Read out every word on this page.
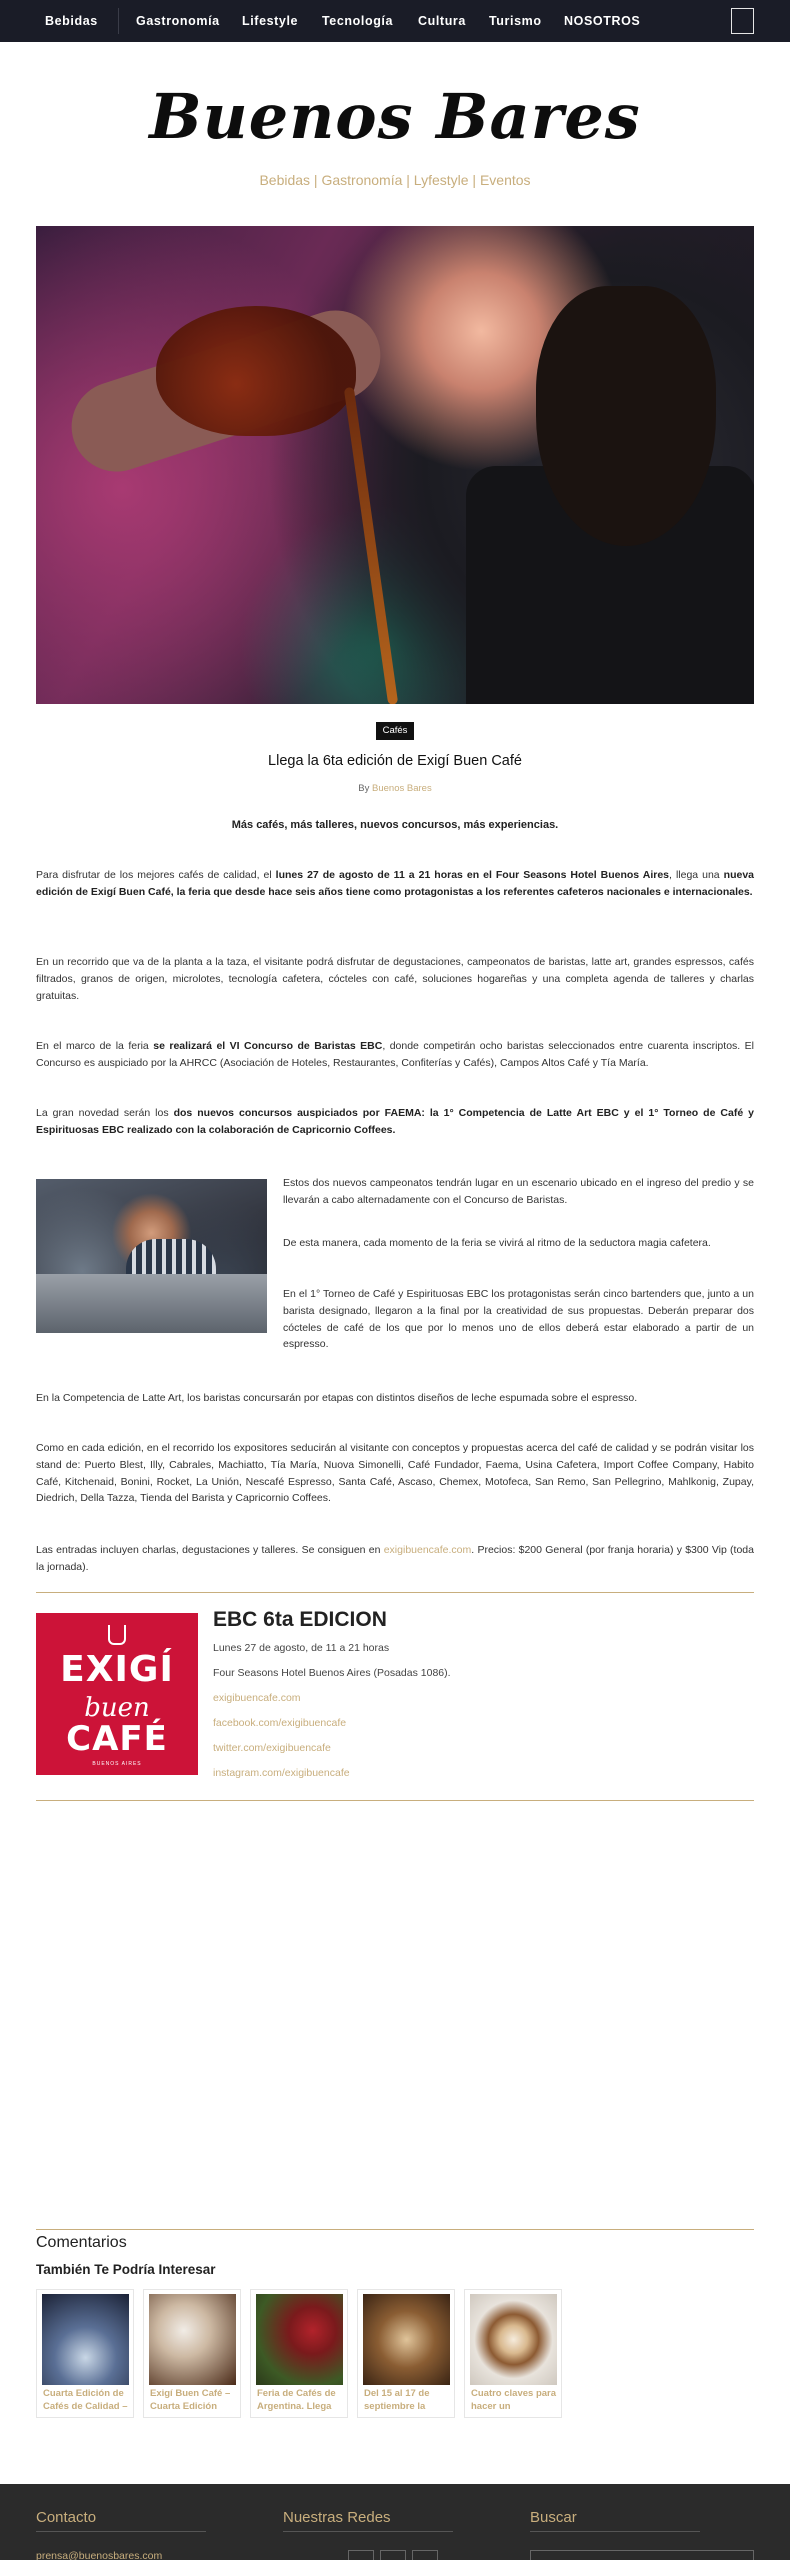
Bebidas	Gastronomía Lifestyle Tecnología Cultura Turismo NOSOTROS
Buenos Bares
Bebidas | Gastronomía | Lyfestyle | Eventos
Cafés
Llega la 6ta edición de Exigí Buen Café
By Buenos Bares
Más cafés, más talleres, nuevos concursos, más experiencias.

Para disfrutar de los mejores cafés de calidad, el lunes 27 de agosto de 11 a 21 horas en el Four Seasons Hotel Buenos Aires, llega una nueva edición de Exigí Buen Café, la feria que desde hace seis años tiene como protagonistas a los referentes cafeteros nacionales e internacionales.

En un recorrido que va de la planta a la taza, el visitante podrá disfrutar de degustaciones, campeonatos de baristas, latte art, grandes espressos, cafés filtrados, granos de origen, microlotes, tecnología cafetera, cócteles con café, soluciones hogareñas y una completa agenda de talleres y charlas gratuitas.

En el marco de la feria se realizará el VI Concurso de Baristas EBC, donde competirán ocho baristas seleccionados entre cuarenta inscriptos. El Concurso es auspiciado por la AHRCC (Asociación de Hoteles, Restaurantes, Confiterías y Cafés), Campos Altos Café y Tía María.

La gran novedad serán los dos nuevos concursos auspiciados por FAEMA: la 1° Competencia de Latte Art EBC y el 1° Torneo de Café y Espirituosas EBC realizado con la colaboración de Capricornio Coffees.

Estos dos nuevos campeonatos tendrán lugar en un escenario ubicado en el ingreso del predio y se llevarán a cabo alternadamente con el Concurso de Baristas.

De esta manera, cada momento de la feria se vivirá al ritmo de la seductora magia cafetera.

En el 1° Torneo de Café y Espirituosas EBC los protagonistas serán cinco bartenders que, junto a un barista designado, llegaron a la final por la creatividad de sus propuestas. Deberán preparar dos cócteles de café de los que por lo menos uno de ellos deberá estar elaborado a partir de un espresso.

En la Competencia de Latte Art, los baristas concursarán por etapas con distintos diseños de leche espumada sobre el espresso.

Como en cada edición, en el recorrido los expositores seducirán al visitante con conceptos y propuestas acerca del café de calidad y se podrán visitar los stand de: Puerto Blest, Illy, Cabrales, Machiatto, Tía María, Nuova Simonelli, Café Fundador, Faema, Usina Cafetera, Import Coffee Company, Habito Café, Kitchenaid, Bonini, Rocket, La Unión, Nescafé Espresso, Santa Café, Ascaso, Chemex, Motofeca, San Remo, San Pellegrino, Mahlkonig, Zupay, Diedrich, Della Tazza, Tienda del Barista y Capricornio Coffees.

Las entradas incluyen charlas, degustaciones y talleres. Se consiguen en exigibuencafe.com. Precios: $200 General (por franja horaria) y $300 Vip (toda la jornada).

EXIGÍ
buen
CAFÉ
BUENOS AIRES
EBC 6ta EDICION
Lunes 27 de agosto, de 11 a 21 horas
Four Seasons Hotel Buenos Aires (Posadas 1086).
exigibuencafe.com
facebook.com/exigibuencafe
twitter.com/exigibuencafe
instagram.com/exigibuencafe
Comentarios
También Te Podría Interesar
Cuarta Edición de Cafés de Calidad –
Exigí Buen Café – Cuarta Edición
Feria de Cafés de Argentina. Llega
Del 15 al 17 de septiembre la
Cuatro claves para hacer un
Contacto
prensa@buenosbares.com
Nuestras Redes	Buscar
